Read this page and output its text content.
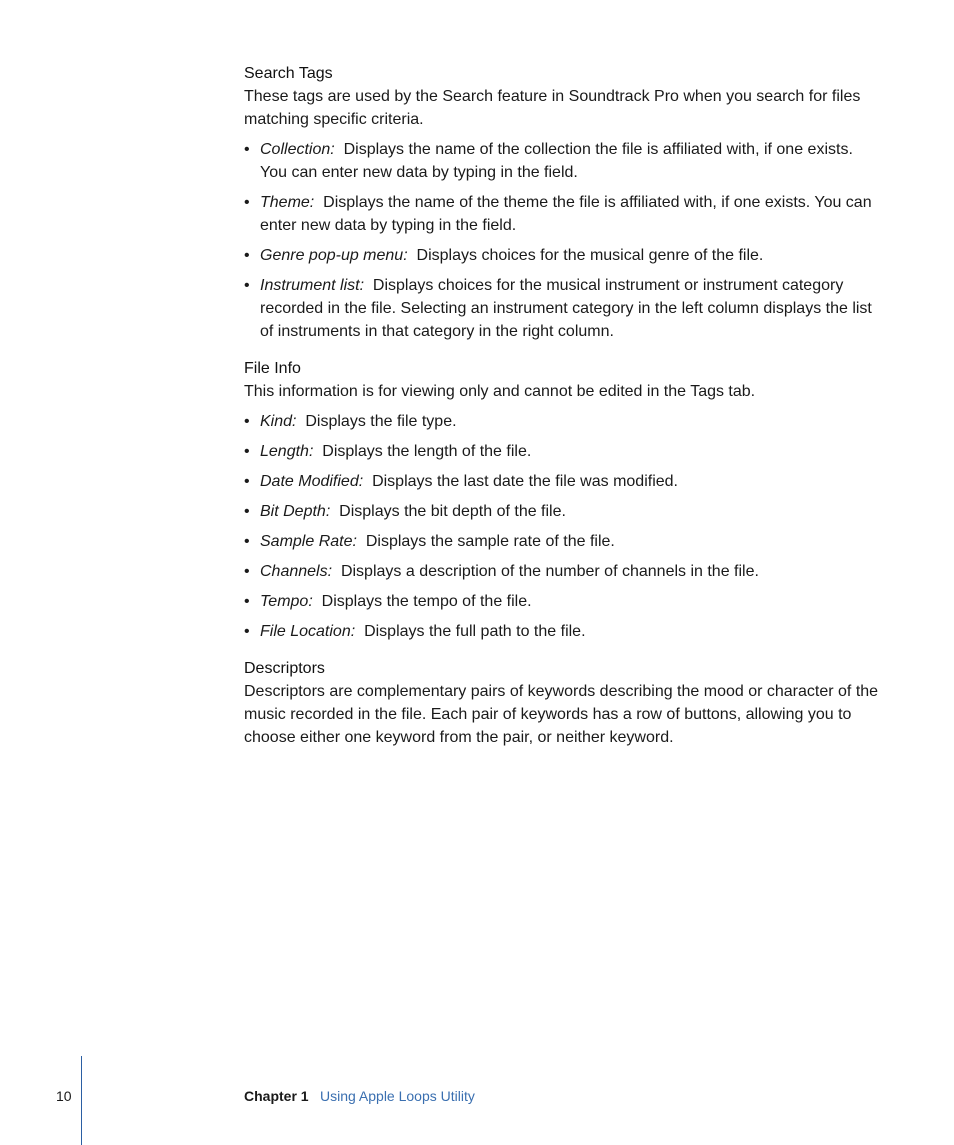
Search Tags

These tags are used by the Search feature in Soundtrack Pro when you search for files matching specific criteria.

• Collection: Displays the name of the collection the file is affiliated with, if one exists. You can enter new data by typing in the field.
• Theme: Displays the name of the theme the file is affiliated with, if one exists. You can enter new data by typing in the field.
• Genre pop-up menu: Displays choices for the musical genre of the file.
• Instrument list: Displays choices for the musical instrument or instrument category recorded in the file. Selecting an instrument category in the left column displays the list of instruments in that category in the right column.
File Info

This information is for viewing only and cannot be edited in the Tags tab.

• Kind: Displays the file type.
• Length: Displays the length of the file.
• Date Modified: Displays the last date the file was modified.
• Bit Depth: Displays the bit depth of the file.
• Sample Rate: Displays the sample rate of the file.
• Channels: Displays a description of the number of channels in the file.
• Tempo: Displays the tempo of the file.
• File Location: Displays the full path to the file.
Descriptors

Descriptors are complementary pairs of keywords describing the mood or character of the music recorded in the file. Each pair of keywords has a row of buttons, allowing you to choose either one keyword from the pair, or neither keyword.

10	Chapter 1 Using Apple Loops Utility
